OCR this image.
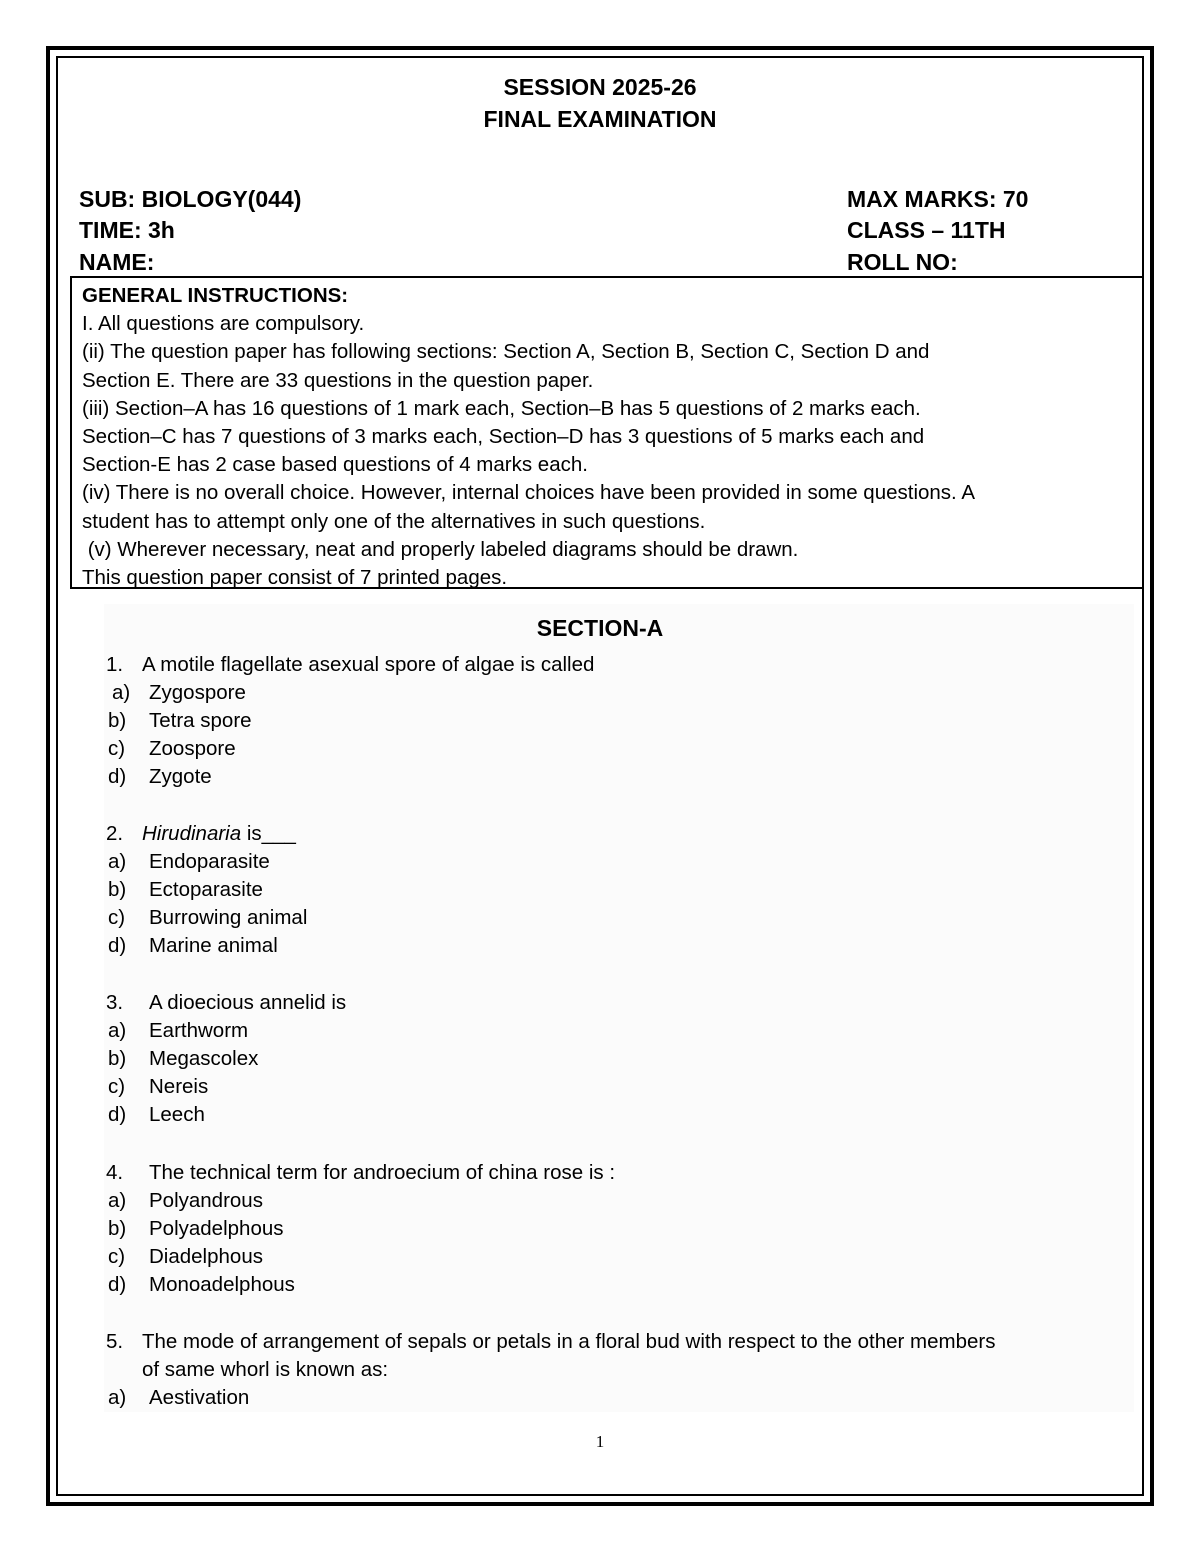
SESSION 2025-26
FINAL EXAMINATION
SUB: BIOLOGY(044)
TIME: 3h
NAME:
MAX MARKS: 70
CLASS – 11TH
ROLL NO:

GENERAL INSTRUCTIONS:

I. All questions are compulsory.

(ii) The question paper has following sections: Section A, Section B, Section C, Section D and

Section E. There are 33 questions in the question paper.

(iii) Section–A has 16 questions of 1 mark each, Section–B has 5 questions of 2 marks each.

Section–C has 7 questions of 3 marks each, Section–D has 3 questions of 5 marks each and

Section-E has 2 case based questions of 4 marks each.

(iv) There is no overall choice. However, internal choices have been provided in some questions. A

student has to attempt only one of the alternatives in such questions.

(v) Wherever necessary, neat and properly labeled diagrams should be drawn.

This question paper consist of 7 printed pages.

SECTION-A
1. A motile flagellate asexual spore of algae is called
a) Zygospore
b) Tetra spore
c) Zoospore
d) Zygote
2. Hirudinaria is___
a) Endoparasite
b) Ectoparasite
c) Burrowing animal
d) Marine animal
3. A dioecious annelid is
a) Earthworm
b) Megascolex
c) Nereis
d) Leech
4. The technical term for androecium of china rose is :
a) Polyandrous
b) Polyadelphous
c) Diadelphous
d) Monoadelphous
5. The mode of arrangement of sepals or petals in a floral bud with respect to the other members
of same whorl is known as:
a) Aestivation
1
